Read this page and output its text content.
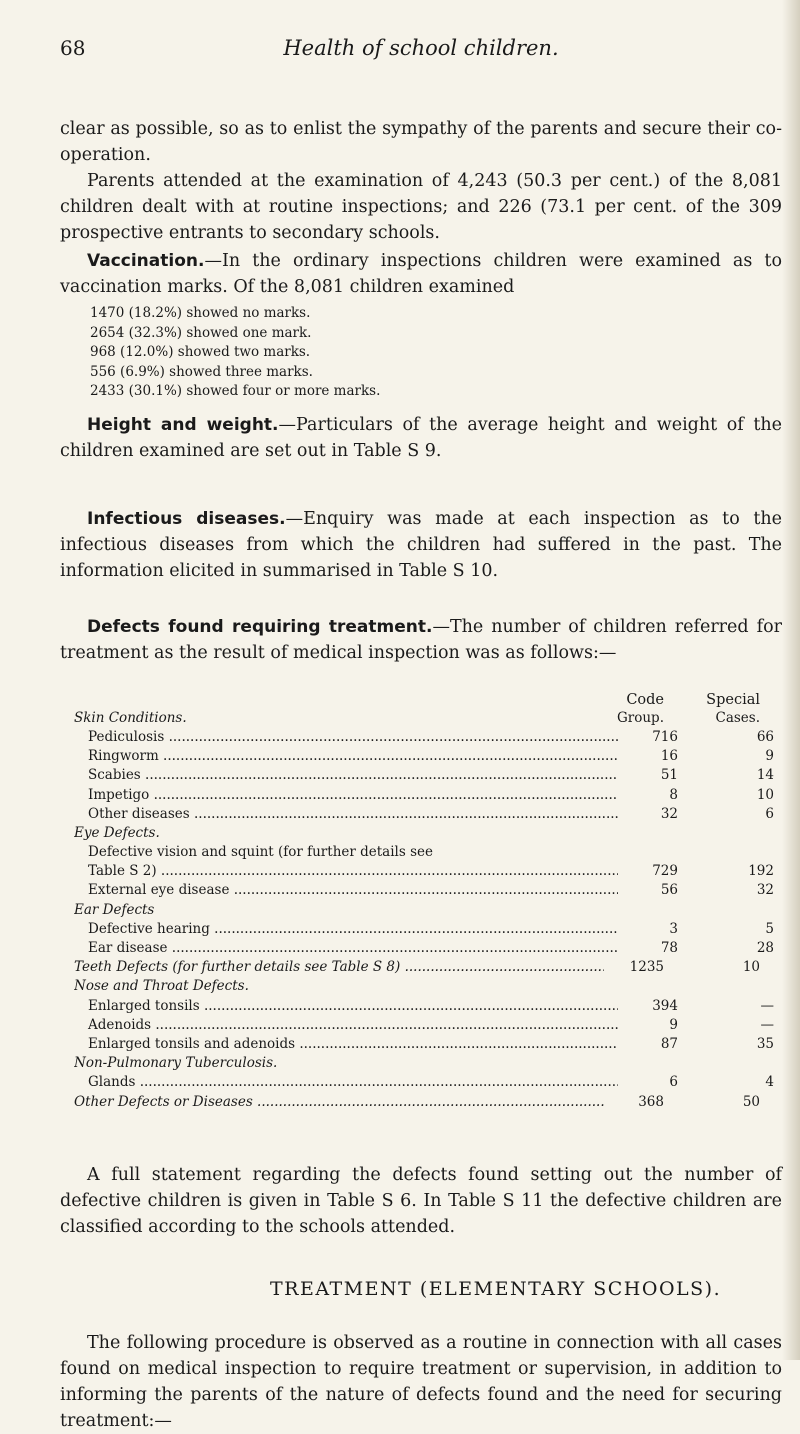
68	Health of school children.

clear as possible, so as to enlist the sympathy of the parents and secure their co-operation.

Parents attended at the examination of 4,243 (50.3 per cent.) of the 8,081 children dealt with at routine inspections; and 226 (73.1 per cent. of the 309 prospective entrants to secondary schools.

Vaccination.—In the ordinary inspections children were examined as to vaccination marks. Of the 8,081 children examined

1470 (18.2%) showed no marks.
2654 (32.3%) showed one mark.
968 (12.0%) showed two marks.
556 (6.9%) showed three marks.
2433 (30.1%) showed four or more marks.

Height and weight.—Particulars of the average height and weight of the children examined are set out in Table S 9.

Infectious diseases.—Enquiry was made at each inspection as to the infectious diseases from which the children had suffered in the past. The information elicited in summarised in Table S 10.

Defects found requiring treatment.—The number of children referred for treatment as the result of medical inspection was as follows:—

Code	Special
Skin Conditions.	Group.	Cases.
Pediculosis .....	716	66
Ringworm .....	16	9
Scabies .....	51	14
Impetigo .....	8	10
Other diseases .....	32	6
Eye Defects.
Defective vision and squint (for further details see
Table S 2) .....	729	192
External eye disease .....	56	32
Ear Defects
Defective hearing .....	3	5
Ear disease .....	78	28
Teeth Defects (for further details see Table S 8) .....	1235	10
Nose and Throat Defects.
Enlarged tonsils .....	394	—
Adenoids .....	9	—
Enlarged tonsils and adenoids .....	87	35
Non-Pulmonary Tuberculosis.
Glands .....	6	4
Other Defects or Diseases .....	368	50

A full statement regarding the defects found setting out the number of defective children is given in Table S 6. In Table S 11 the defective children are classified according to the schools attended.

TREATMENT (ELEMENTARY SCHOOLS).

The following procedure is observed as a routine in connection with all cases found on medical inspection to require treatment or supervision, in addition to informing the parents of the nature of defects found and the need for securing treatment:—
